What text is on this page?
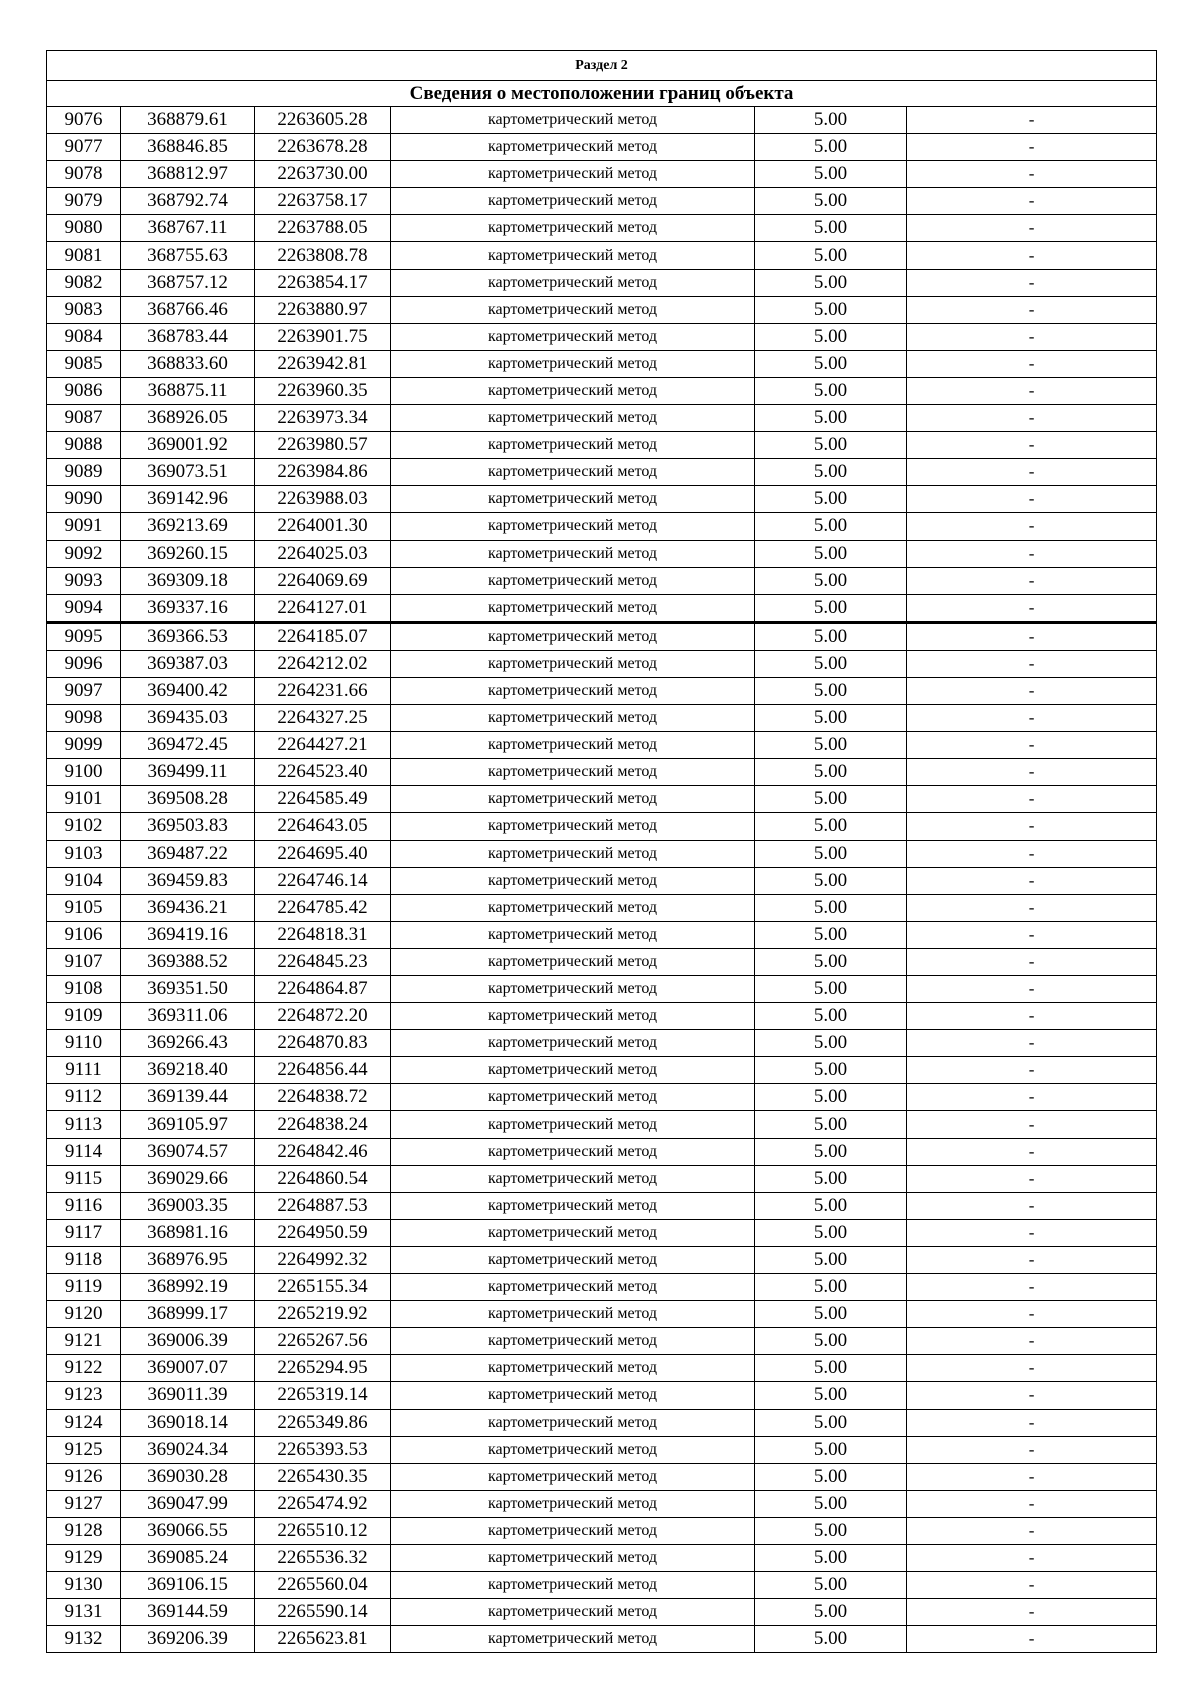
Раздел 2					
Сведения о местоположении границ объекта					
9076	368879.61	2263605.28	картометрический метод	5.00	-
9077	368846.85	2263678.28	картометрический метод	5.00	-
9078	368812.97	2263730.00	картометрический метод	5.00	-
9079	368792.74	2263758.17	картометрический метод	5.00	-
9080	368767.11	2263788.05	картометрический метод	5.00	-
9081	368755.63	2263808.78	картометрический метод	5.00	-
9082	368757.12	2263854.17	картометрический метод	5.00	-
9083	368766.46	2263880.97	картометрический метод	5.00	-
9084	368783.44	2263901.75	картометрический метод	5.00	-
9085	368833.60	2263942.81	картометрический метод	5.00	-
9086	368875.11	2263960.35	картометрический метод	5.00	-
9087	368926.05	2263973.34	картометрический метод	5.00	-
9088	369001.92	2263980.57	картометрический метод	5.00	-
9089	369073.51	2263984.86	картометрический метод	5.00	-
9090	369142.96	2263988.03	картометрический метод	5.00	-
9091	369213.69	2264001.30	картометрический метод	5.00	-
9092	369260.15	2264025.03	картометрический метод	5.00	-
9093	369309.18	2264069.69	картометрический метод	5.00	-
9094	369337.16	2264127.01	картометрический метод	5.00	-
9095	369366.53	2264185.07	картометрический метод	5.00	-
9096	369387.03	2264212.02	картометрический метод	5.00	-
9097	369400.42	2264231.66	картометрический метод	5.00	-
9098	369435.03	2264327.25	картометрический метод	5.00	-
9099	369472.45	2264427.21	картометрический метод	5.00	-
9100	369499.11	2264523.40	картометрический метод	5.00	-
9101	369508.28	2264585.49	картометрический метод	5.00	-
9102	369503.83	2264643.05	картометрический метод	5.00	-
9103	369487.22	2264695.40	картометрический метод	5.00	-
9104	369459.83	2264746.14	картометрический метод	5.00	-
9105	369436.21	2264785.42	картометрический метод	5.00	-
9106	369419.16	2264818.31	картометрический метод	5.00	-
9107	369388.52	2264845.23	картометрический метод	5.00	-
9108	369351.50	2264864.87	картометрический метод	5.00	-
9109	369311.06	2264872.20	картометрический метод	5.00	-
9110	369266.43	2264870.83	картометрический метод	5.00	-
9111	369218.40	2264856.44	картометрический метод	5.00	-
9112	369139.44	2264838.72	картометрический метод	5.00	-
9113	369105.97	2264838.24	картометрический метод	5.00	-
9114	369074.57	2264842.46	картометрический метод	5.00	-
9115	369029.66	2264860.54	картометрический метод	5.00	-
9116	369003.35	2264887.53	картометрический метод	5.00	-
9117	368981.16	2264950.59	картометрический метод	5.00	-
9118	368976.95	2264992.32	картометрический метод	5.00	-
9119	368992.19	2265155.34	картометрический метод	5.00	-
9120	368999.17	2265219.92	картометрический метод	5.00	-
9121	369006.39	2265267.56	картометрический метод	5.00	-
9122	369007.07	2265294.95	картометрический метод	5.00	-
9123	369011.39	2265319.14	картометрический метод	5.00	-
9124	369018.14	2265349.86	картометрический метод	5.00	-
9125	369024.34	2265393.53	картометрический метод	5.00	-
9126	369030.28	2265430.35	картометрический метод	5.00	-
9127	369047.99	2265474.92	картометрический метод	5.00	-
9128	369066.55	2265510.12	картометрический метод	5.00	-
9129	369085.24	2265536.32	картометрический метод	5.00	-
9130	369106.15	2265560.04	картометрический метод	5.00	-
9131	369144.59	2265590.14	картометрический метод	5.00	-
9132	369206.39	2265623.81	картометрический метод	5.00	-
